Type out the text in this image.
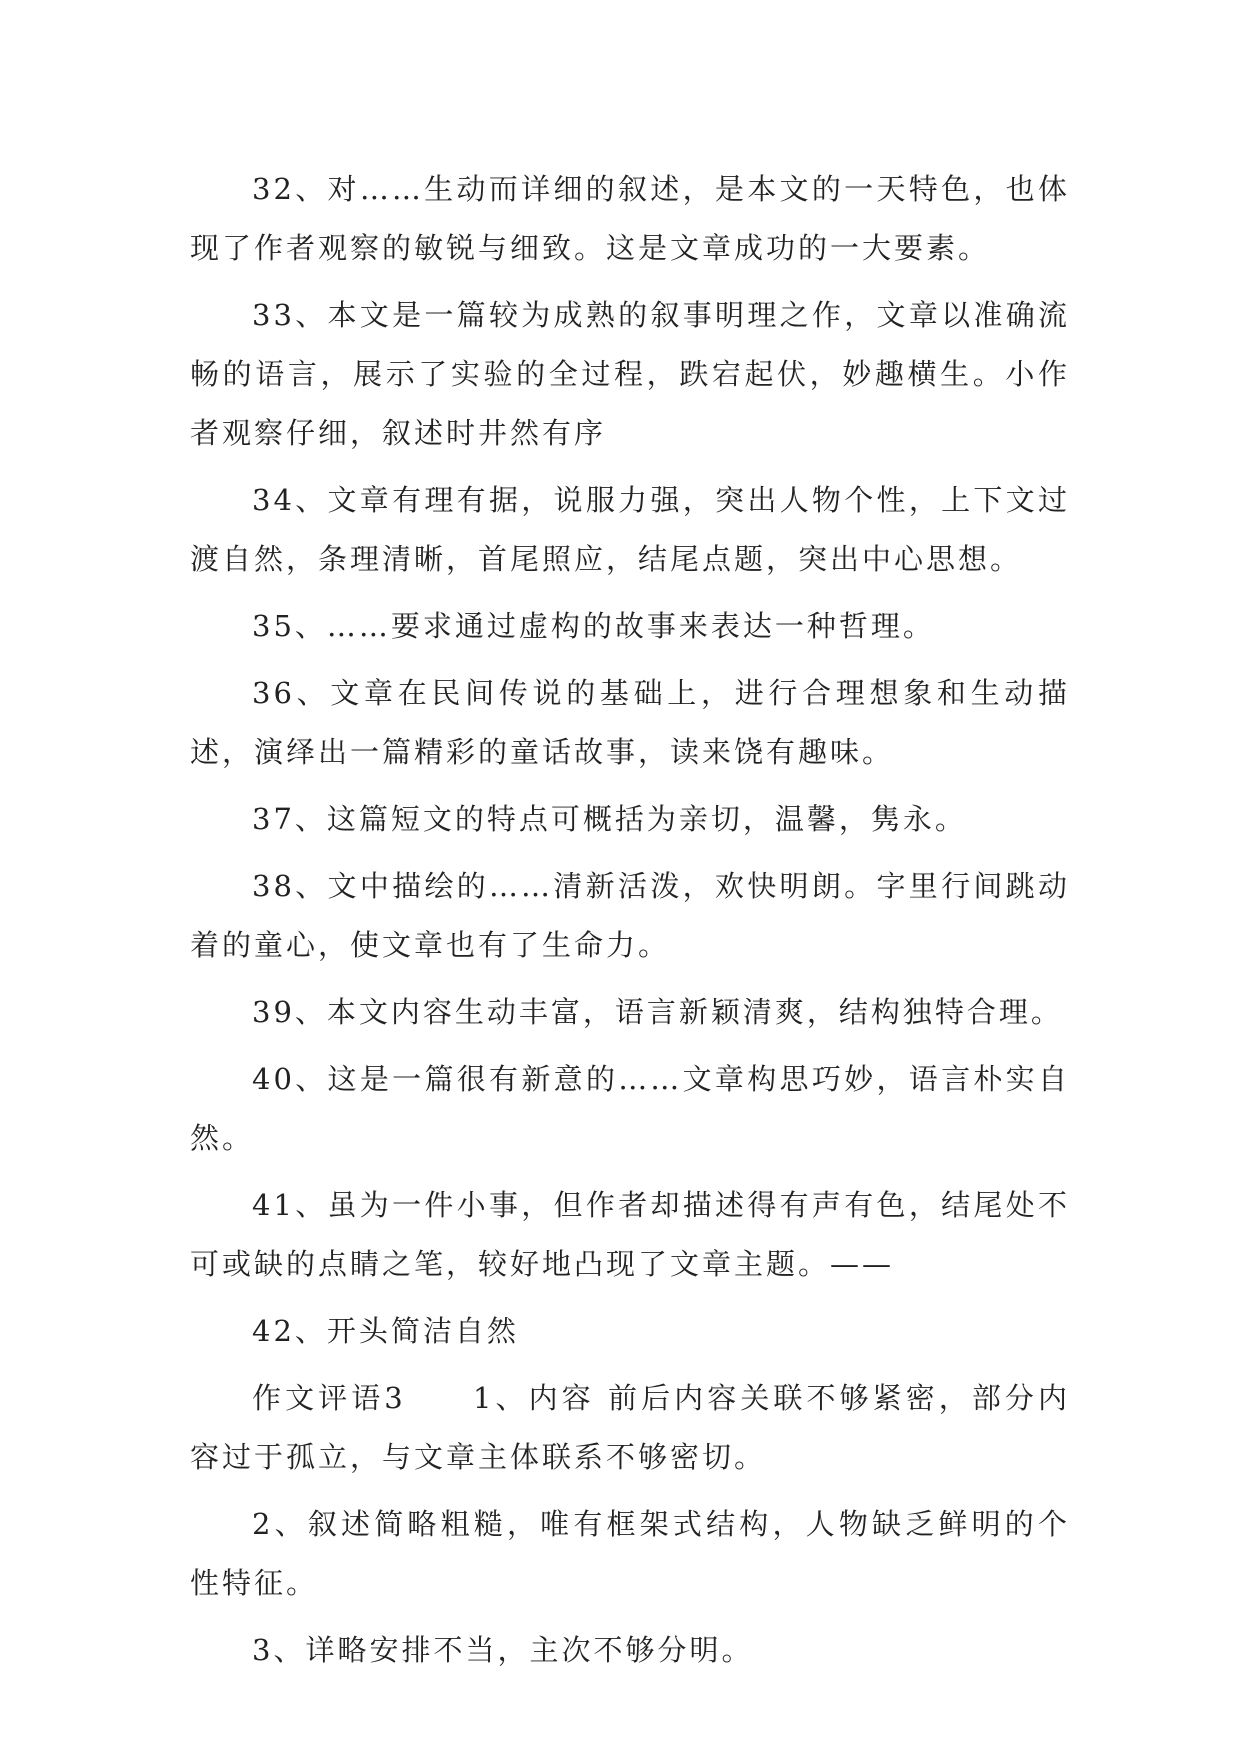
32、对……生动而详细的叙述，是本文的一天特色，也体现了作者观察的敏锐与细致。这是文章成功的一大要素。

33、本文是一篇较为成熟的叙事明理之作，文章以准确流畅的语言，展示了实验的全过程，跌宕起伏，妙趣横生。小作者观察仔细，叙述时井然有序

34、文章有理有据，说服力强，突出人物个性，上下文过渡自然，条理清晰，首尾照应，结尾点题，突出中心思想。

35、……要求通过虚构的故事来表达一种哲理。

36、文章在民间传说的基础上，进行合理想象和生动描述，演绎出一篇精彩的童话故事，读来饶有趣味。

37、这篇短文的特点可概括为亲切，温馨，隽永。

38、文中描绘的……清新活泼，欢快明朗。字里行间跳动着的童心，使文章也有了生命力。

39、本文内容生动丰富，语言新颖清爽，结构独特合理。

40、这是一篇很有新意的……文章构思巧妙，语言朴实自然。

41、虽为一件小事，但作者却描述得有声有色，结尾处不可或缺的点睛之笔，较好地凸现了文章主题。——

42、开头简洁自然

作文评语3　　1、内容 前后内容关联不够紧密，部分内容过于孤立，与文章主体联系不够密切。

2、叙述简略粗糙，唯有框架式结构，人物缺乏鲜明的个性特征。

3、详略安排不当，主次不够分明。
